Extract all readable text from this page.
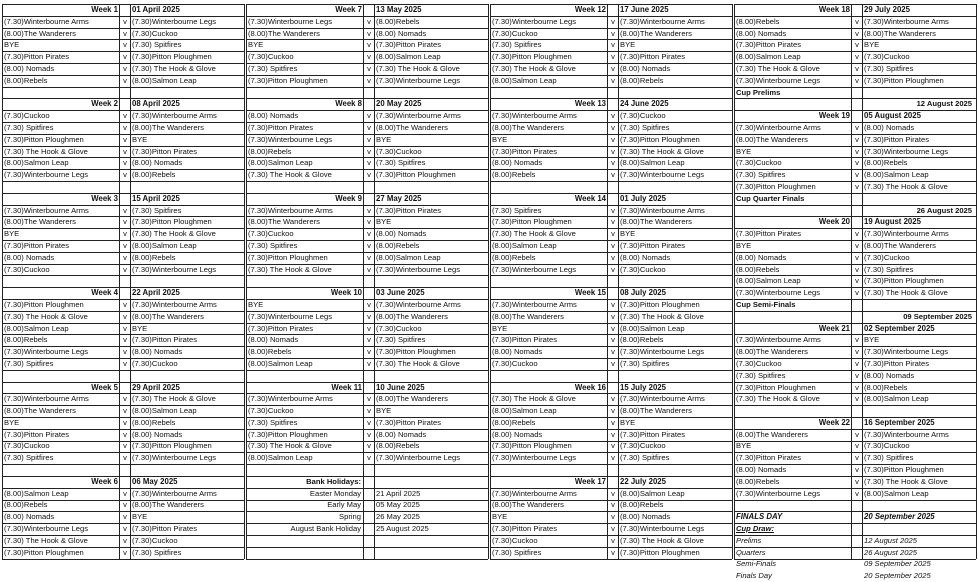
Week 1 01 April 2025
(7.30)Winterbourne Arms	v (7.30)Winterbourne Legs
(8.00)The Wanderers	v (7.30)Cuckoo
BYE	v (7.30) Spitfires
(7.30)Pitton Pirates	v (7.30)Pitton Ploughmen
(8.00) Nomads	v (7.30) The Hook & Glove
(8.00)Rebels	v (8.00)Salmon Leap
Week 2 08 April 2025
(7.30)Cuckoo	v (7.30)Winterbourne Arms
(7.30) Spitfires	v (8.00)The Wanderers
(7.30)Pitton Ploughmen	v BYE
(7.30) The Hook & Glove	v (7.30)Pitton Pirates
(8.00)Salmon Leap	v (8.00) Nomads
(7.30)Winterbourne Legs	v (8.00)Rebels
Week 3 15 April 2025
(7.30)Winterbourne Arms	v (7.30) Spitfires
(8.00)The Wanderers	v (7.30)Pitton Ploughmen
BYE	v (7.30) The Hook & Glove
(7.30)Pitton Pirates	v (8.00)Salmon Leap
(8.00) Nomads	v (8.00)Rebels
(7.30)Cuckoo	v (7.30)Winterbourne Legs
Week 4 22 April 2025
(7.30)Pitton Ploughmen	v (7.30)Winterbourne Arms
(7.30) The Hook & Glove	v (8.00)The Wanderers
(8.00)Salmon Leap	v BYE
(8.00)Rebels	v (7.30)Pitton Pirates
(7.30)Winterbourne Legs	v (8.00) Nomads
(7.30) Spitfires	v (7.30)Cuckoo
Week 5 29 April 2025
(7.30)Winterbourne Arms	v (7.30) The Hook & Glove
(8.00)The Wanderers	v (8.00)Salmon Leap
BYE	v (8.00)Rebels
(7.30)Pitton Pirates	v (8.00) Nomads
(7.30)Cuckoo	v (7.30)Pitton Ploughmen
(7.30) Spitfires	v (7.30)Winterbourne Legs
Week 6 06 May 2025
(8.00)Salmon Leap	v (7.30)Winterbourne Arms
(8.00)Rebels	v (8.00)The Wanderers
(8.00) Nomads	v BYE
(7.30)Winterbourne Legs	v (7.30)Pitton Pirates
(7.30) The Hook & Glove	v (7.30)Cuckoo
(7.30)Pitton Ploughmen	v (7.30) Spitfires
Week 7 13 May 2025
(7.30)Winterbourne Legs	v (8.00)Rebels
(8.00)The Wanderers	v (8.00) Nomads
BYE	v (7.30)Pitton Pirates
(7.30)Cuckoo	v (8.00)Salmon Leap
(7.30) Spitfires	v (7.30) The Hook & Glove
(7.30)Pitton Ploughmen	v (7.30)Winterbourne Legs
Week 8 20 May 2025
(8.00) Nomads	v (7.30)Winterbourne Arms
(7.30)Pitton Pirates	v (8.00)The Wanderers
(7.30)Winterbourne Legs	v BYE
(8.00)Rebels	v (7.30)Cuckoo
(8.00)Salmon Leap	v (7.30) Spitfires
(7.30) The Hook & Glove	v (7.30)Pitton Ploughmen
Week 9 27 May 2025
(7.30)Winterbourne Arms	v (7.30)Pitton Pirates
(8.00)The Wanderers	v BYE
(7.30)Cuckoo	v (8.00) Nomads
(7.30) Spitfires	v (8.00)Rebels
(7.30)Pitton Ploughmen	v (8.00)Salmon Leap
(7.30) The Hook & Glove	v (7.30)Winterbourne Legs
Week 10 03 June 2025
BYE	v (7.30)Winterbourne Arms
(7.30)Winterbourne Legs	v (8.00)The Wanderers
(7.30)Pitton Pirates	v (7.30)Cuckoo
(8.00) Nomads	v (7.30) Spitfires
(8.00)Rebels	v (7.30)Pitton Ploughmen
(8.00)Salmon Leap	v (7.30) The Hook & Glove
Week 11 10 June 2025
(7.30)Winterbourne Arms	v (8.00)The Wanderers
(7.30)Cuckoo	v BYE
(7.30) Spitfires	v (7.30)Pitton Pirates
(7.30)Pitton Ploughmen	v (8.00) Nomads
(7.30) The Hook & Glove	v (8.00)Rebels
(8.00)Salmon Leap	v (7.30)Winterbourne Legs
Bank Holidays:
Easter Monday 21 April 2025
Early May 05 May 2025
Spring 26 May 2025
August Bank Holiday 25 August 2025
Week 12 17 June 2025
(7.30)Winterbourne Legs	v (7.30)Winterbourne Arms
(7.30)Cuckoo	v (8.00)The Wanderers
(7.30) Spitfires	v BYE
(7.30)Pitton Ploughmen	v (7.30)Pitton Pirates
(7.30) The Hook & Glove	v (8.00) Nomads
(8.00)Salmon Leap	v (8.00)Rebels
Week 13 24 June 2025
(7.30)Winterbourne Arms	v (7.30)Cuckoo
(8.00)The Wanderers	v (7.30) Spitfires
BYE	v (7.30)Pitton Ploughmen
(7.30)Pitton Pirates	v (7.30) The Hook & Glove
(8.00) Nomads	v (8.00)Salmon Leap
(8.00)Rebels	v (7.30)Winterbourne Legs
Week 14 01 July 2025
(7.30) Spitfires	v (7.30)Winterbourne Arms
(7.30)Pitton Ploughmen	v (8.00)The Wanderers
(7.30) The Hook & Glove	v BYE
(8.00)Salmon Leap	v (7.30)Pitton Pirates
(8.00)Rebels	v (8.00) Nomads
(7.30)Winterbourne Legs	v (7.30)Cuckoo
Week 15 08 July 2025
(7.30)Winterbourne Arms	v (7.30)Pitton Ploughmen
(8.00)The Wanderers	v (7.30) The Hook & Glove
BYE	v (8.00)Salmon Leap
(7.30)Pitton Pirates	v (8.00)Rebels
(8.00) Nomads	v (7.30)Winterbourne Legs
(7.30)Cuckoo	v (7.30) Spitfires
Week 16 15 July 2025
(7.30) The Hook & Glove	v (7.30)Winterbourne Arms
(8.00)Salmon Leap	v (8.00)The Wanderers
(8.00)Rebels	v BYE
(8.00) Nomads	v (7.30)Pitton Pirates
(7.30)Pitton Ploughmen	v (7.30)Cuckoo
(7.30)Winterbourne Legs	v (7.30) Spitfires
Week 17 22 July 2025
(7.30)Winterbourne Arms	v (8.00)Salmon Leap
(8.00)The Wanderers	v (8.00)Rebels
BYE	v (8.00) Nomads
(7.30)Pitton Pirates	v (7.30)Winterbourne Legs
(7.30)Cuckoo	v (7.30) The Hook & Glove
(7.30) Spitfires	v (7.30)Pitton Ploughmen
Week 18 29 July 2025
(8.00)Rebels	v (7.30)Winterbourne Arms
(8.00) Nomads	v (8.00)The Wanderers
(7.30)Pitton Pirates	v BYE
(8.00)Salmon Leap	v (7.30)Cuckoo
(7.30) The Hook & Glove	v (7.30) Spitfires
(7.30)Winterbourne Legs	v (7.30)Pitton Ploughmen
Cup Prelims
12 August 2025
Week 19 05 August 2025
(7.30)Winterbourne Arms	v (8.00) Nomads
(8.00)The Wanderers	v (7.30)Pitton Pirates
BYE	v (7.30)Winterbourne Legs
(7.30)Cuckoo	v (8.00)Rebels
(7.30) Spitfires	v (8.00)Salmon Leap
(7.30)Pitton Ploughmen	v (7.30) The Hook & Glove
Cup Quarter Finals
26 August 2025
Week 20 19 August 2025
(7.30)Pitton Pirates	v (7.30)Winterbourne Arms
BYE	v (8.00)The Wanderers
(8.00) Nomads	v (7.30)Cuckoo
(8.00)Rebels	v (7.30) Spitfires
(8.00)Salmon Leap	v (7.30)Pitton Ploughmen
(7.30)Winterbourne Legs	v (7.30) The Hook & Glove
Cup Semi-Finals
09 September 2025
Week 21 02 September 2025
(7.30)Winterbourne Arms	v BYE
(8.00)The Wanderers	v (7.30)Winterbourne Legs
(7.30)Cuckoo	v (7.30)Pitton Pirates
(7.30) Spitfires	v (8.00) Nomads
(7.30)Pitton Ploughmen	v (8.00)Rebels
(7.30) The Hook & Glove	v (8.00)Salmon Leap
Week 22 16 September 2025
(8.00)The Wanderers	v (7.30)Winterbourne Arms
BYE	v (7.30)Cuckoo
(7.30)Pitton Pirates	v (7.30) Spitfires
(8.00) Nomads	v (7.30)Pitton Ploughmen
(8.00)Rebels	v (7.30) The Hook & Glove
(7.30)Winterbourne Legs	v (8.00)Salmon Leap
FINALS DAY	20 September 2025
Cup Draw:
Prelims	12 August 2025
Quarters	26 August 2025
Semi-Finals	09 September 2025
Finals Day	20 September 2025
